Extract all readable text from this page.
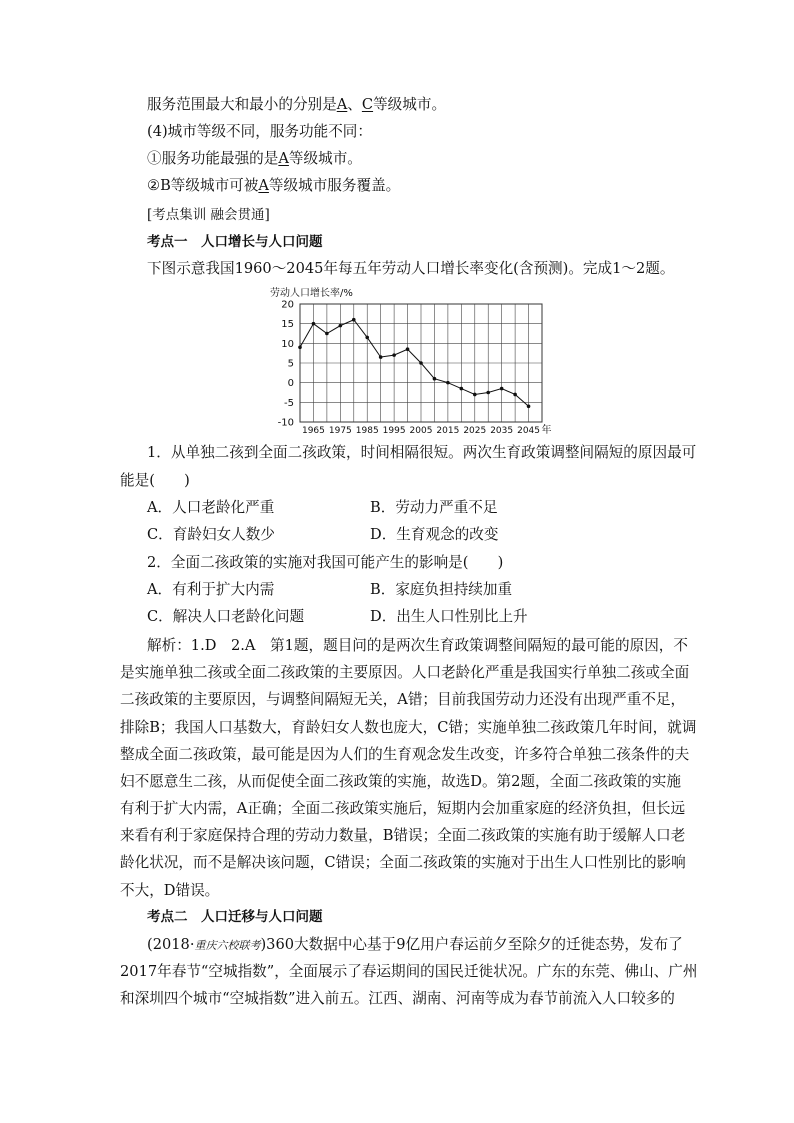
服务范围最大和最小的分别是A、C等级城市。
(4)城市等级不同，服务功能不同：
①服务功能最强的是A等级城市。
②B等级城市可被A等级城市服务覆盖。
[考点集训 融会贯通]
考点一　人口增长与人口问题
下图示意我国1960～2045年每五年劳动人口增长率变化(含预测)。完成1～2题。
劳动人口增长率/%
20
15
10
5
0
-5
-10
1965 1975 1985 1995 2005 2015 2025 2035 2045 年
1．从单独二孩到全面二孩政策，时间相隔很短。两次生育政策调整间隔短的原因最可
能是(　　)
A．人口老龄化严重	B．劳动力严重不足
C．育龄妇女人数少	D．生育观念的改变
2．全面二孩政策的实施对我国可能产生的影响是(　　)
A．有利于扩大内需	B．家庭负担持续加重
C．解决人口老龄化问题	D．出生人口性别比上升
解析：1.D　2.A　第1题，题目问的是两次生育政策调整间隔短的最可能的原因，不
是实施单独二孩或全面二孩政策的主要原因。人口老龄化严重是我国实行单独二孩或全面
二孩政策的主要原因，与调整间隔短无关，A错；目前我国劳动力还没有出现严重不足，
排除B；我国人口基数大，育龄妇女人数也庞大，C错；实施单独二孩政策几年时间，就调
整成全面二孩政策，最可能是因为人们的生育观念发生改变，许多符合单独二孩条件的夫
妇不愿意生二孩，从而促使全面二孩政策的实施，故选D。第2题，全面二孩政策的实施
有利于扩大内需，A正确；全面二孩政策实施后，短期内会加重家庭的经济负担，但长远
来看有利于家庭保持合理的劳动力数量，B错误；全面二孩政策的实施有助于缓解人口老
龄化状况，而不是解决该问题，C错误；全面二孩政策的实施对于出生人口性别比的影响
不大，D错误。
考点二　人口迁移与人口问题
(2018·重庆六校联考)360大数据中心基于9亿用户春运前夕至除夕的迁徙态势，发布了
2017年春节“空城指数”，全面展示了春运期间的国民迁徙状况。广东的东莞、佛山、广州
和深圳四个城市“空城指数”进入前五。江西、湖南、河南等成为春节前流入人口较多的
